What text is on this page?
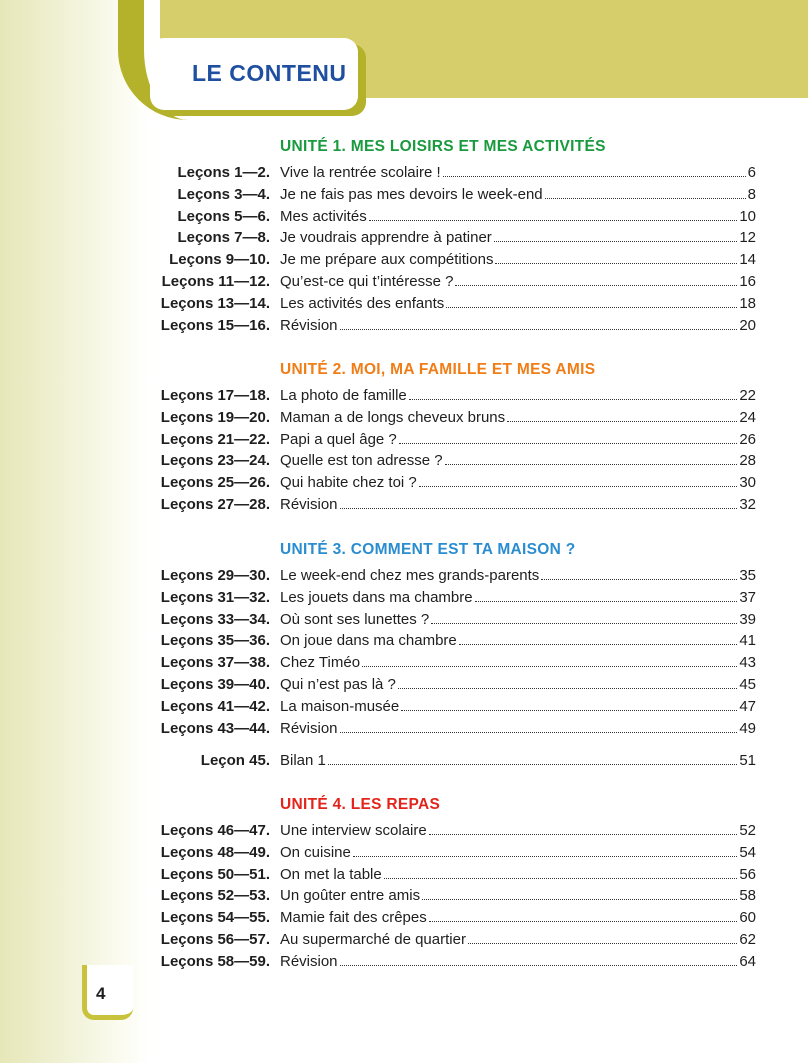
LE CONTENU
UNITÉ 1. MES LOISIRS ET MES ACTIVITÉS
Leçons 1—2. Vive la rentrée scolaire !	6
Leçons 3—4. Je ne fais pas mes devoirs le week-end	8
Leçons 5—6. Mes activités	10
Leçons 7—8. Je voudrais apprendre à patiner	12
Leçons 9—10. Je me prépare aux compétitions	14
Leçons 11—12. Qu’est-ce qui t’intéresse ?	16
Leçons 13—14. Les activités des enfants	18
Leçons 15—16. Révision	20
UNITÉ 2. MOI, MA FAMILLE ET MES AMIS
Leçons 17—18. La photo de famille	22
Leçons 19—20. Maman a de longs cheveux bruns	24
Leçons 21—22. Papi a quel âge ?	26
Leçons 23—24. Quelle est ton adresse ?	28
Leçons 25—26. Qui habite chez toi ?	30
Leçons 27—28. Révision	32
UNITÉ 3. COMMENT EST TA MAISON ?
Leçons 29—30. Le week-end chez mes grands-parents	35
Leçons 31—32. Les jouets dans ma chambre	37
Leçons 33—34. Où sont ses lunettes ?	39
Leçons 35—36. On joue dans ma chambre	41
Leçons 37—38. Chez Timéo	43
Leçons 39—40. Qui n’est pas là ?	45
Leçons 41—42. La maison-musée	47
Leçons 43—44. Révision	49
Leçon 45. Bilan 1	51
UNITÉ 4. LES REPAS
Leçons 46—47. Une interview scolaire	52
Leçons 48—49. On cuisine	54
Leçons 50—51. On met la table	56
Leçons 52—53. Un goûter entre amis	58
Leçons 54—55. Mamie fait des crêpes	60
Leçons 56—57. Au supermarché de quartier	62
Leçons 58—59. Révision	64
4
